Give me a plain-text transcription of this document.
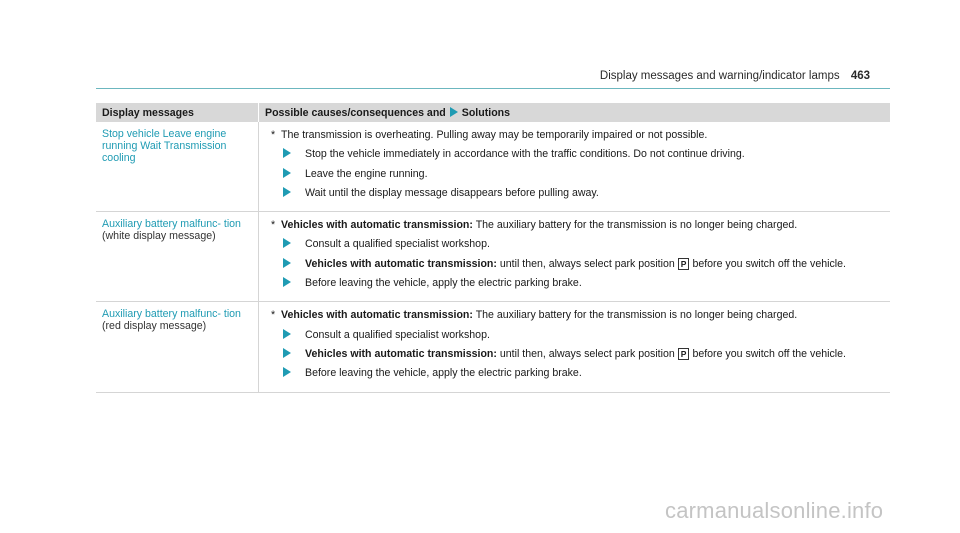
Display messages and warning/indicator lamps 463
Display messages	Possible causes/consequences and Solutions
Stop vehicle Leave engine running Wait Transmission cooling	* The transmission is overheating. Pulling away may be temporarily impaired or not possible.
Stop the vehicle immediately in accordance with the traffic conditions. Do not continue driving.
Leave the engine running.
Wait until the display message disappears before pulling away.

Auxiliary battery malfunc- tion (white display message)	* Vehicles with automatic transmission: The auxiliary battery for the transmission is no longer being charged.
Consult a qualified specialist workshop.
Vehicles with automatic transmission: until then, always select park position P before you switch off the vehicle.
Before leaving the vehicle, apply the electric parking brake.

Auxiliary battery malfunc- tion (red display message)	* Vehicles with automatic transmission: The auxiliary battery for the transmission is no longer being charged.
Consult a qualified specialist workshop.
Vehicles with automatic transmission: until then, always select park position P before you switch off the vehicle.
Before leaving the vehicle, apply the electric parking brake.
carmanualsonline.info
